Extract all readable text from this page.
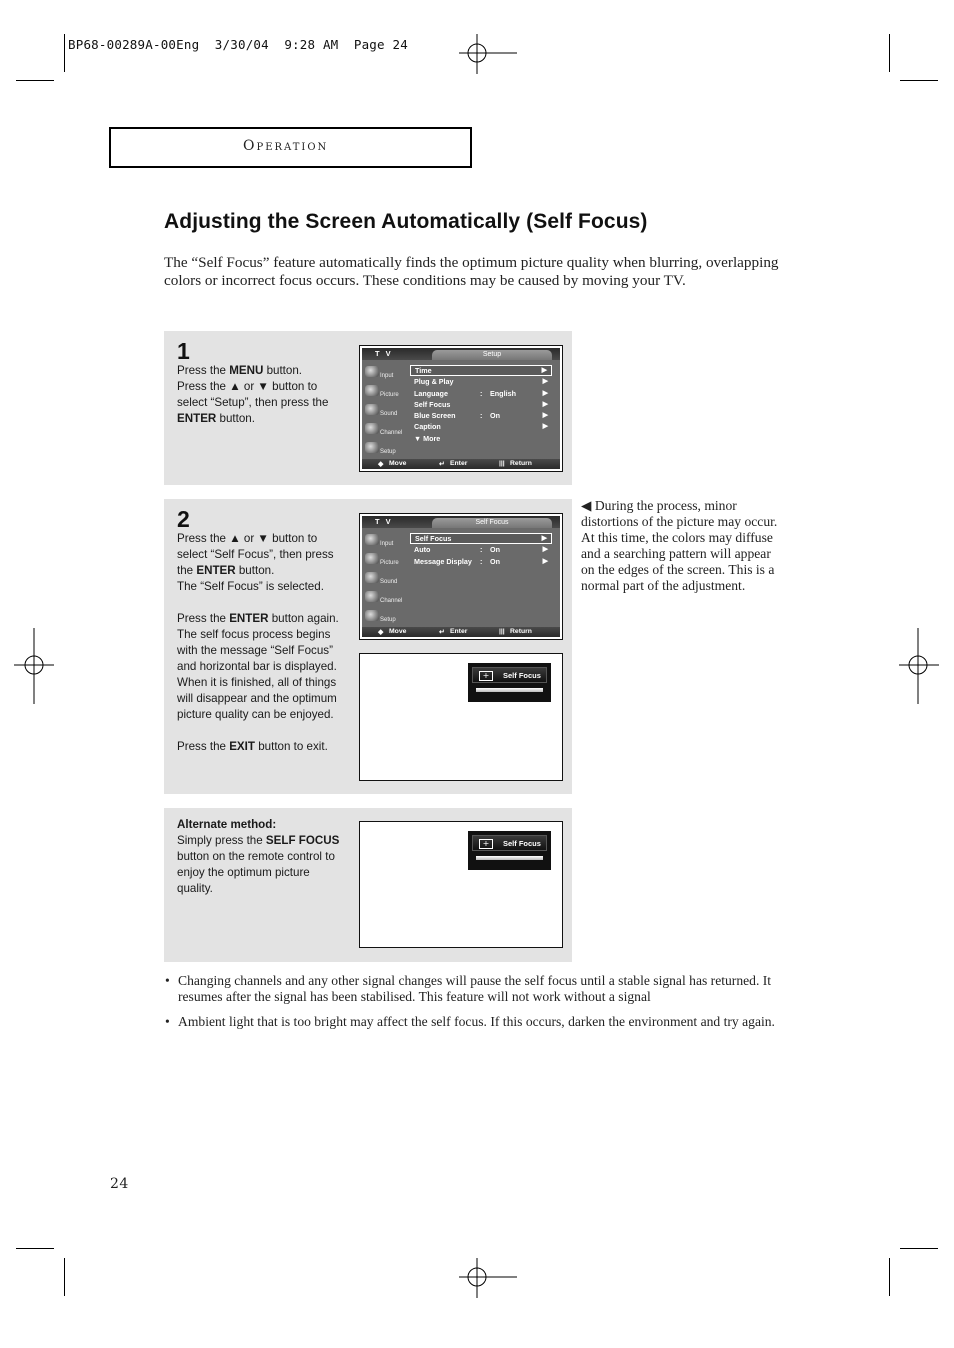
BP68-00289A-00Eng  3/30/04  9:28 AM  Page 24
Operation
Adjusting the Screen Automatically (Self Focus)

The “Self Focus” feature automatically finds the optimum picture quality when blurring, overlapping colors or incorrect focus occurs. These conditions may be caused by moving your TV.

1
Press the MENU button.
Press the ▲ or ▼ button to
select “Setup”, then press the
ENTER button.
T V	Setup
Input
Picture
Sound
Channel
Setup
Time	▶
Plug & Play	▶
Language	: English	▶
Self Focus	▶
Blue Screen	: On	▶
Caption	▶
▼ More
◆ Move	↵ Enter	||| Return
2
Press the ▲ or ▼ button to
select “Self Focus”, then press
the ENTER button.
The “Self Focus” is selected.
Press the ENTER button again.
The self focus process begins
with the message “Self Focus”
and horizontal bar is displayed.
When it is finished, all of things
will disappear and the optimum
picture quality can be enjoyed.
Press the EXIT button to exit.
T V	Self Focus
Input
Picture
Sound
Channel
Setup
Self Focus	▶
Auto	: On	▶
Message Display : On	▶
◆ Move	↵ Enter	||| Return
+	Self Focus
Alternate method:
Simply press the SELF FOCUS
button on the remote control to
enjoy the optimum picture
quality.
+	Self Focus

◀ During the process, minor distortions of the picture may occur. At this time, the colors may diffuse and a searching pattern will appear on the edges of the screen. This is a normal part of the adjustment.

• Changing channels and any other signal changes will pause the self focus until a stable signal has returned. It resumes after the signal has been stabilised. This feature will not work without a signal
• Ambient light that is too bright may affect the self focus. If this occurs, darken the environment and try again.
24
